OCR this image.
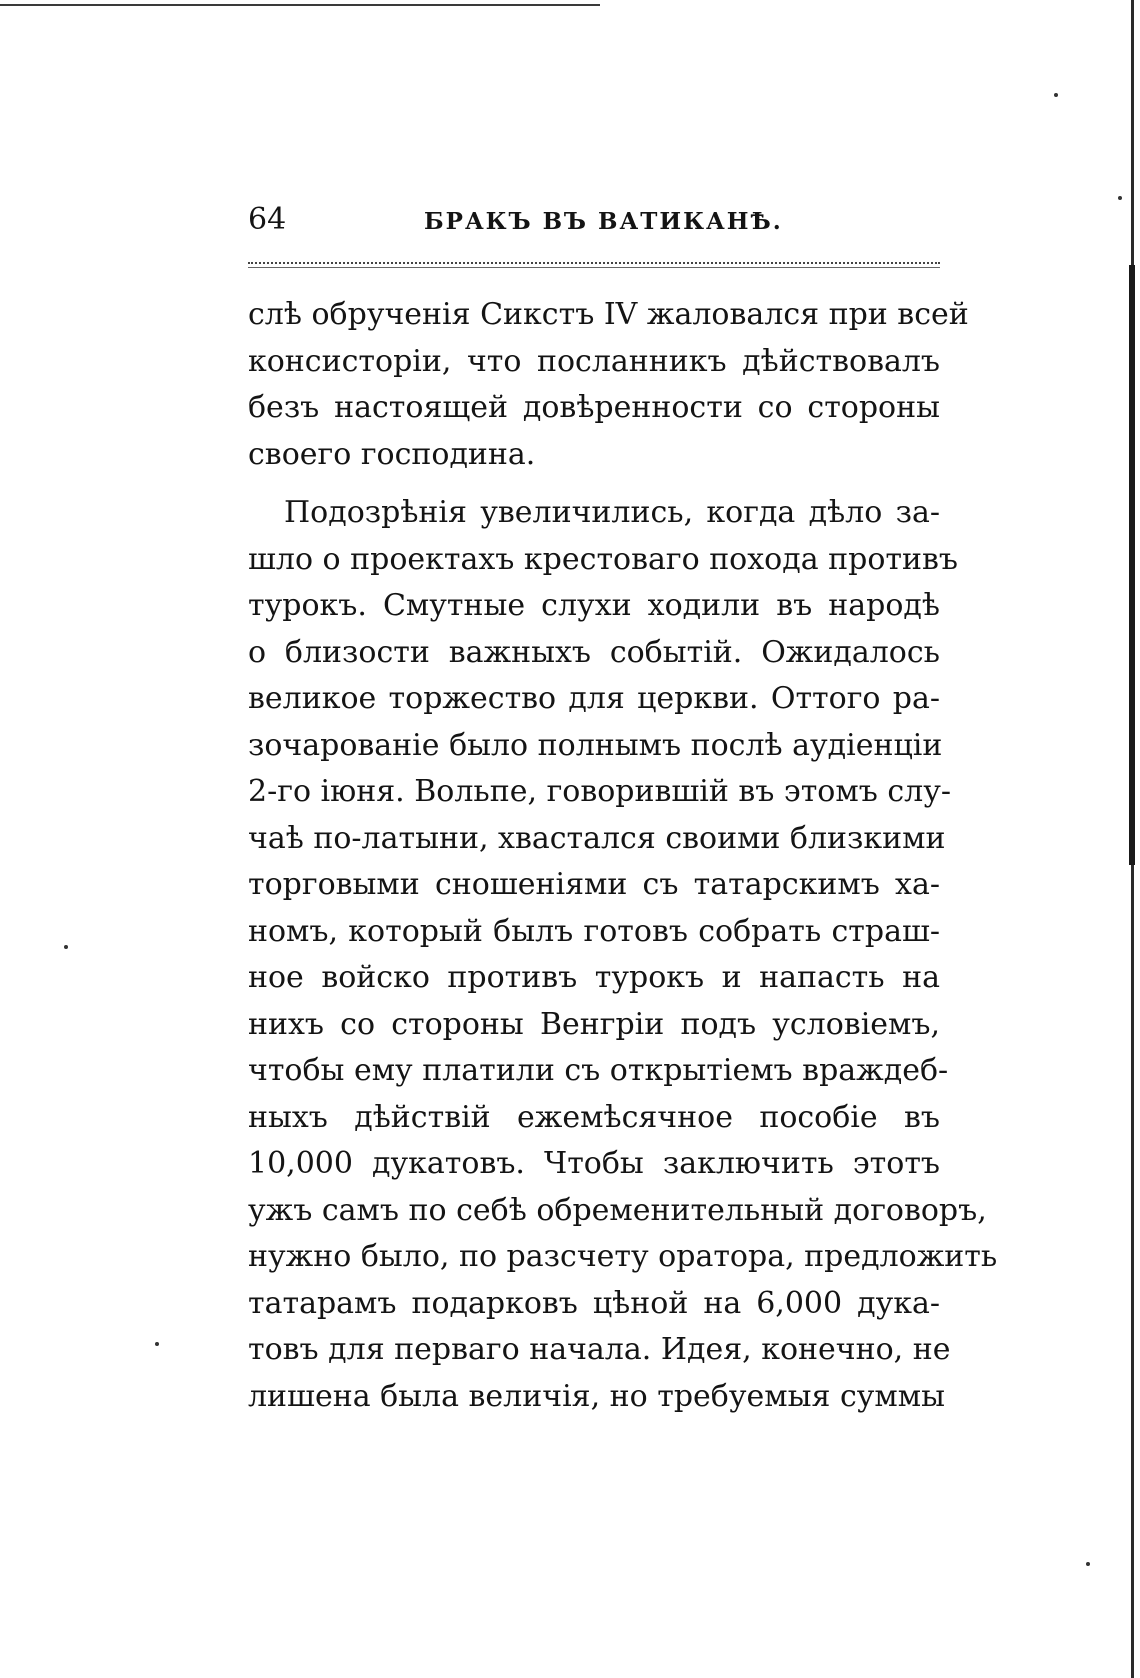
64	БРАКЪ ВЪ ВАТИКАНѢ.
слѣ обрученія Сикстъ IV жаловался при всей
консисторіи, что посланникъ дѣйствовалъ
безъ настоящей довѣренности со стороны
своего господина.
Подозрѣнія увеличились, когда дѣло за-
шло о проектахъ крестоваго похода противъ
турокъ. Смутные слухи ходили въ народѣ
о близости важныхъ событій. Ожидалось
великое торжество для церкви. Оттого ра-
зочарованіе было полнымъ послѣ аудіенціи
2-го іюня. Вольпе, говорившій въ этомъ слу-
чаѣ по-латыни, хвастался своими близкими
торговыми сношеніями съ татарскимъ ха-
номъ, который былъ готовъ собрать страш-
ное войско противъ турокъ и напасть на
нихъ со стороны Венгріи подъ условіемъ,
чтобы ему платили съ открытіемъ враждеб-
ныхъ дѣйствій ежемѣсячное пособіе въ
10,000 дукатовъ. Чтобы заключить этотъ
ужъ самъ по себѣ обременительный договоръ,
нужно было, по разсчету оратора, предложить
татарамъ подарковъ цѣной на 6,000 дука-
товъ для перваго начала. Идея, конечно, не
лишена была величія, но требуемыя суммы
